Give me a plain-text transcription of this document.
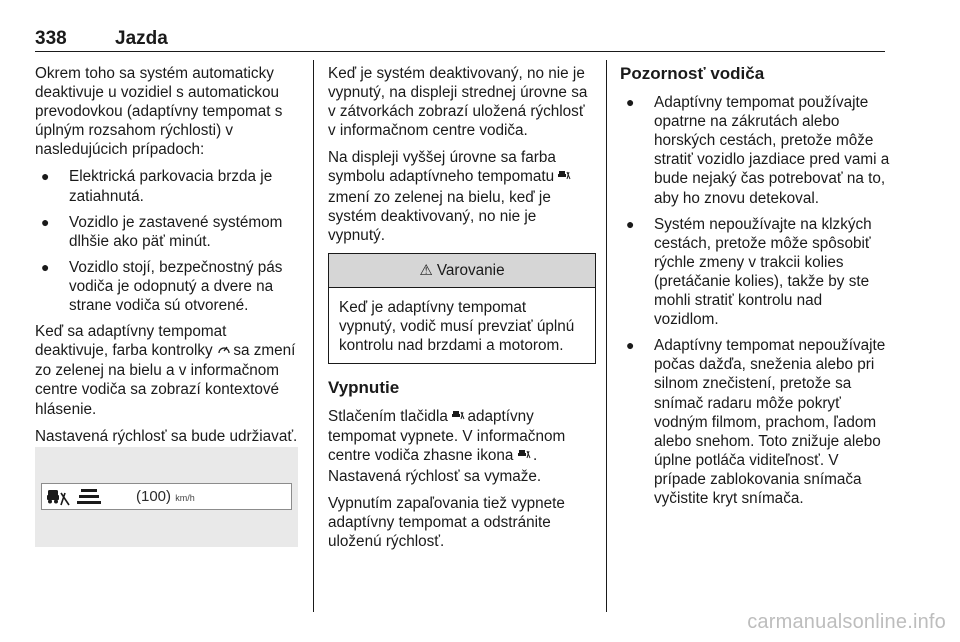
338	Jazda

Okrem toho sa systém automaticky deaktivuje u vozidiel s automatickou prevodovkou (adaptívny tempomat s úplným rozsahom rýchlosti) v nasledujúcich prípadoch:

● Elektrická parkovacia brzda je zatiahnutá.
● Vozidlo je zastavené systémom dlhšie ako päť minút.
● Vozidlo stojí, bezpečnostný pás vodiča je odopnutý a dvere na strane vodiča sú otvorené.

Keď sa adaptívny tempomat deaktivuje, farba kontrolky sa zmení zo zelenej na bielu a v informačnom centre vodiča sa zobrazí kontextové hlásenie.

Nastavená rýchlosť sa bude udržiavať.

(100) km/h

Keď je systém deaktivovaný, no nie je vypnutý, na displeji strednej úrovne sa v zátvorkách zobrazí uložená rýchlosť v informačnom centre vodiča.

Na displeji vyššej úrovne sa farba symbolu adaptívneho tempomatu  zmení zo zelenej na bielu, keď je systém deaktivovaný, no nie je vypnutý.

⚠ Varovanie
Keď je adaptívny tempomat vypnutý, vodič musí prevziať úplnú kontrolu nad brzdami a motorom.
Vypnutie

Stlačením tlačidla adaptívny tempomat vypnete. V informačnom centre vodiča zhasne ikona . Nastavená rýchlosť sa vymaže.

Vypnutím zapaľovania tiež vypnete adaptívny tempomat a odstránite uloženú rýchlosť.

Pozornosť vodiča
● Adaptívny tempomat používajte opatrne na zákrutách alebo horských cestách, pretože môže stratiť vozidlo jazdiace pred vami a bude nejaký čas potrebovať na to, aby ho znovu detekoval.
● Systém nepoužívajte na klzkých cestách, pretože môže spôsobiť rýchle zmeny v trakcii kolies (pretáčanie kolies), takže by ste mohli stratiť kontrolu nad vozidlom.
● Adaptívny tempomat nepoužívajte počas dažďa, sneženia alebo pri silnom znečistení, pretože sa snímač radaru môže pokryť vodným filmom, prachom, ľadom alebo snehom. Toto znižuje alebo úplne potláča viditeľnosť. V prípade zablokovania snímača vyčistite kryt snímača.
carmanualsonline.info
